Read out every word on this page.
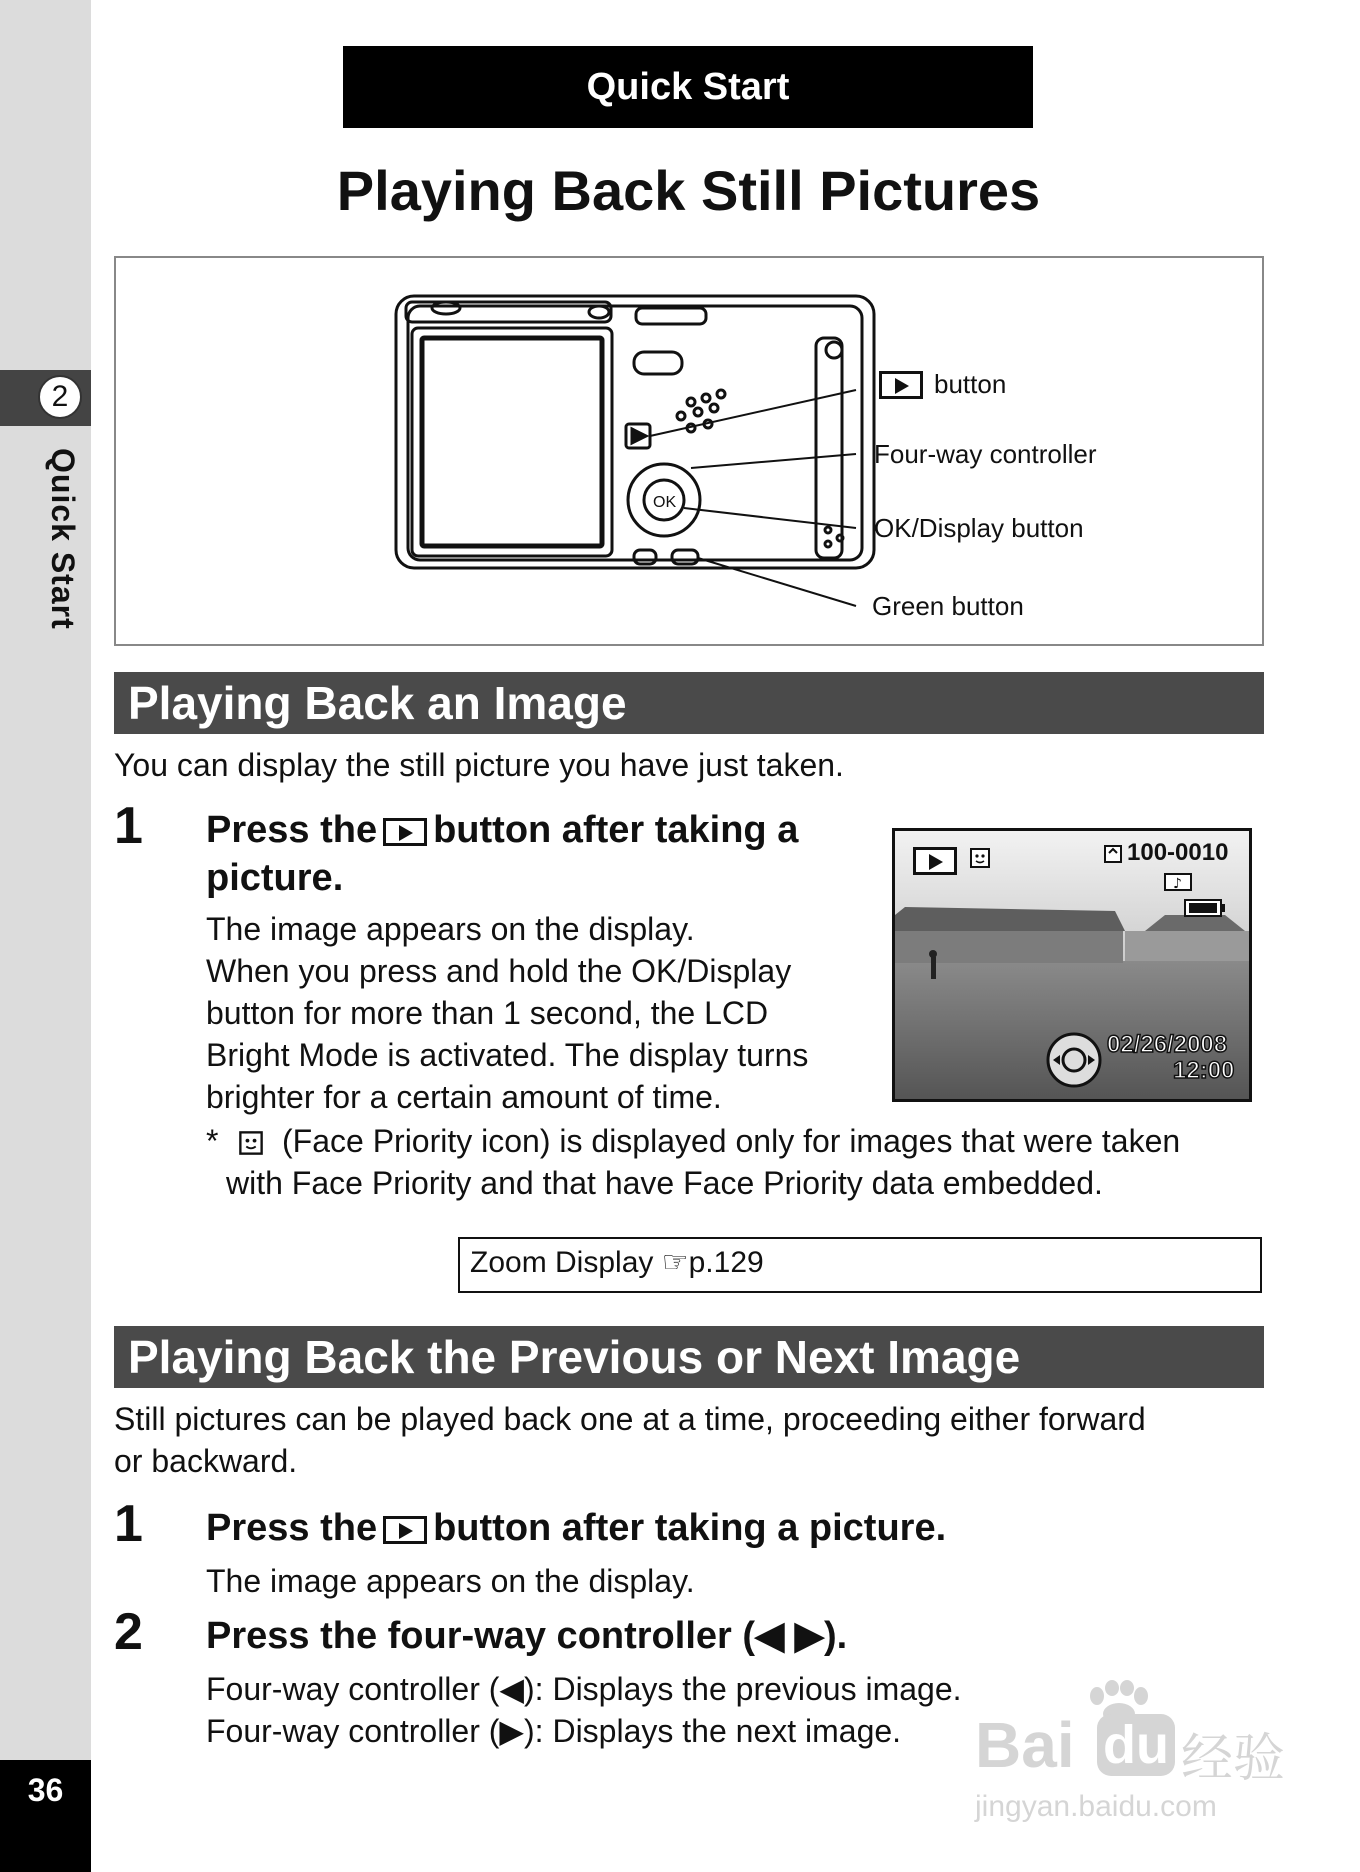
2
Quick Start
36
Quick Start
Playing Back Still Pictures
OK
button
Four-way controller
OK/Display button
Green button
Playing Back an Image
You can display the still picture you have just taken.
1 Press the button after taking a
picture.
The image appears on the display.
When you press and hold the OK/Display
button for more than 1 second, the LCD
Bright Mode is activated. The display turns
brighter for a certain amount of time.
100-0010
♪
02/26/2008
12:00
* (Face Priority icon) is displayed only for images that were taken
with Face Priority and that have Face Priority data embedded.
Zoom Display ☞p.129
Playing Back the Previous or Next Image
Still pictures can be played back one at a time, proceeding either forward
or backward.
1 Press the button after taking a picture.
The image appears on the display.
2 Press the four-way controller (◀ ▶).
Four-way controller (◀): Displays the previous image.
Four-way controller (▶): Displays the next image. Bai du 经验
jingyan.baidu.com
